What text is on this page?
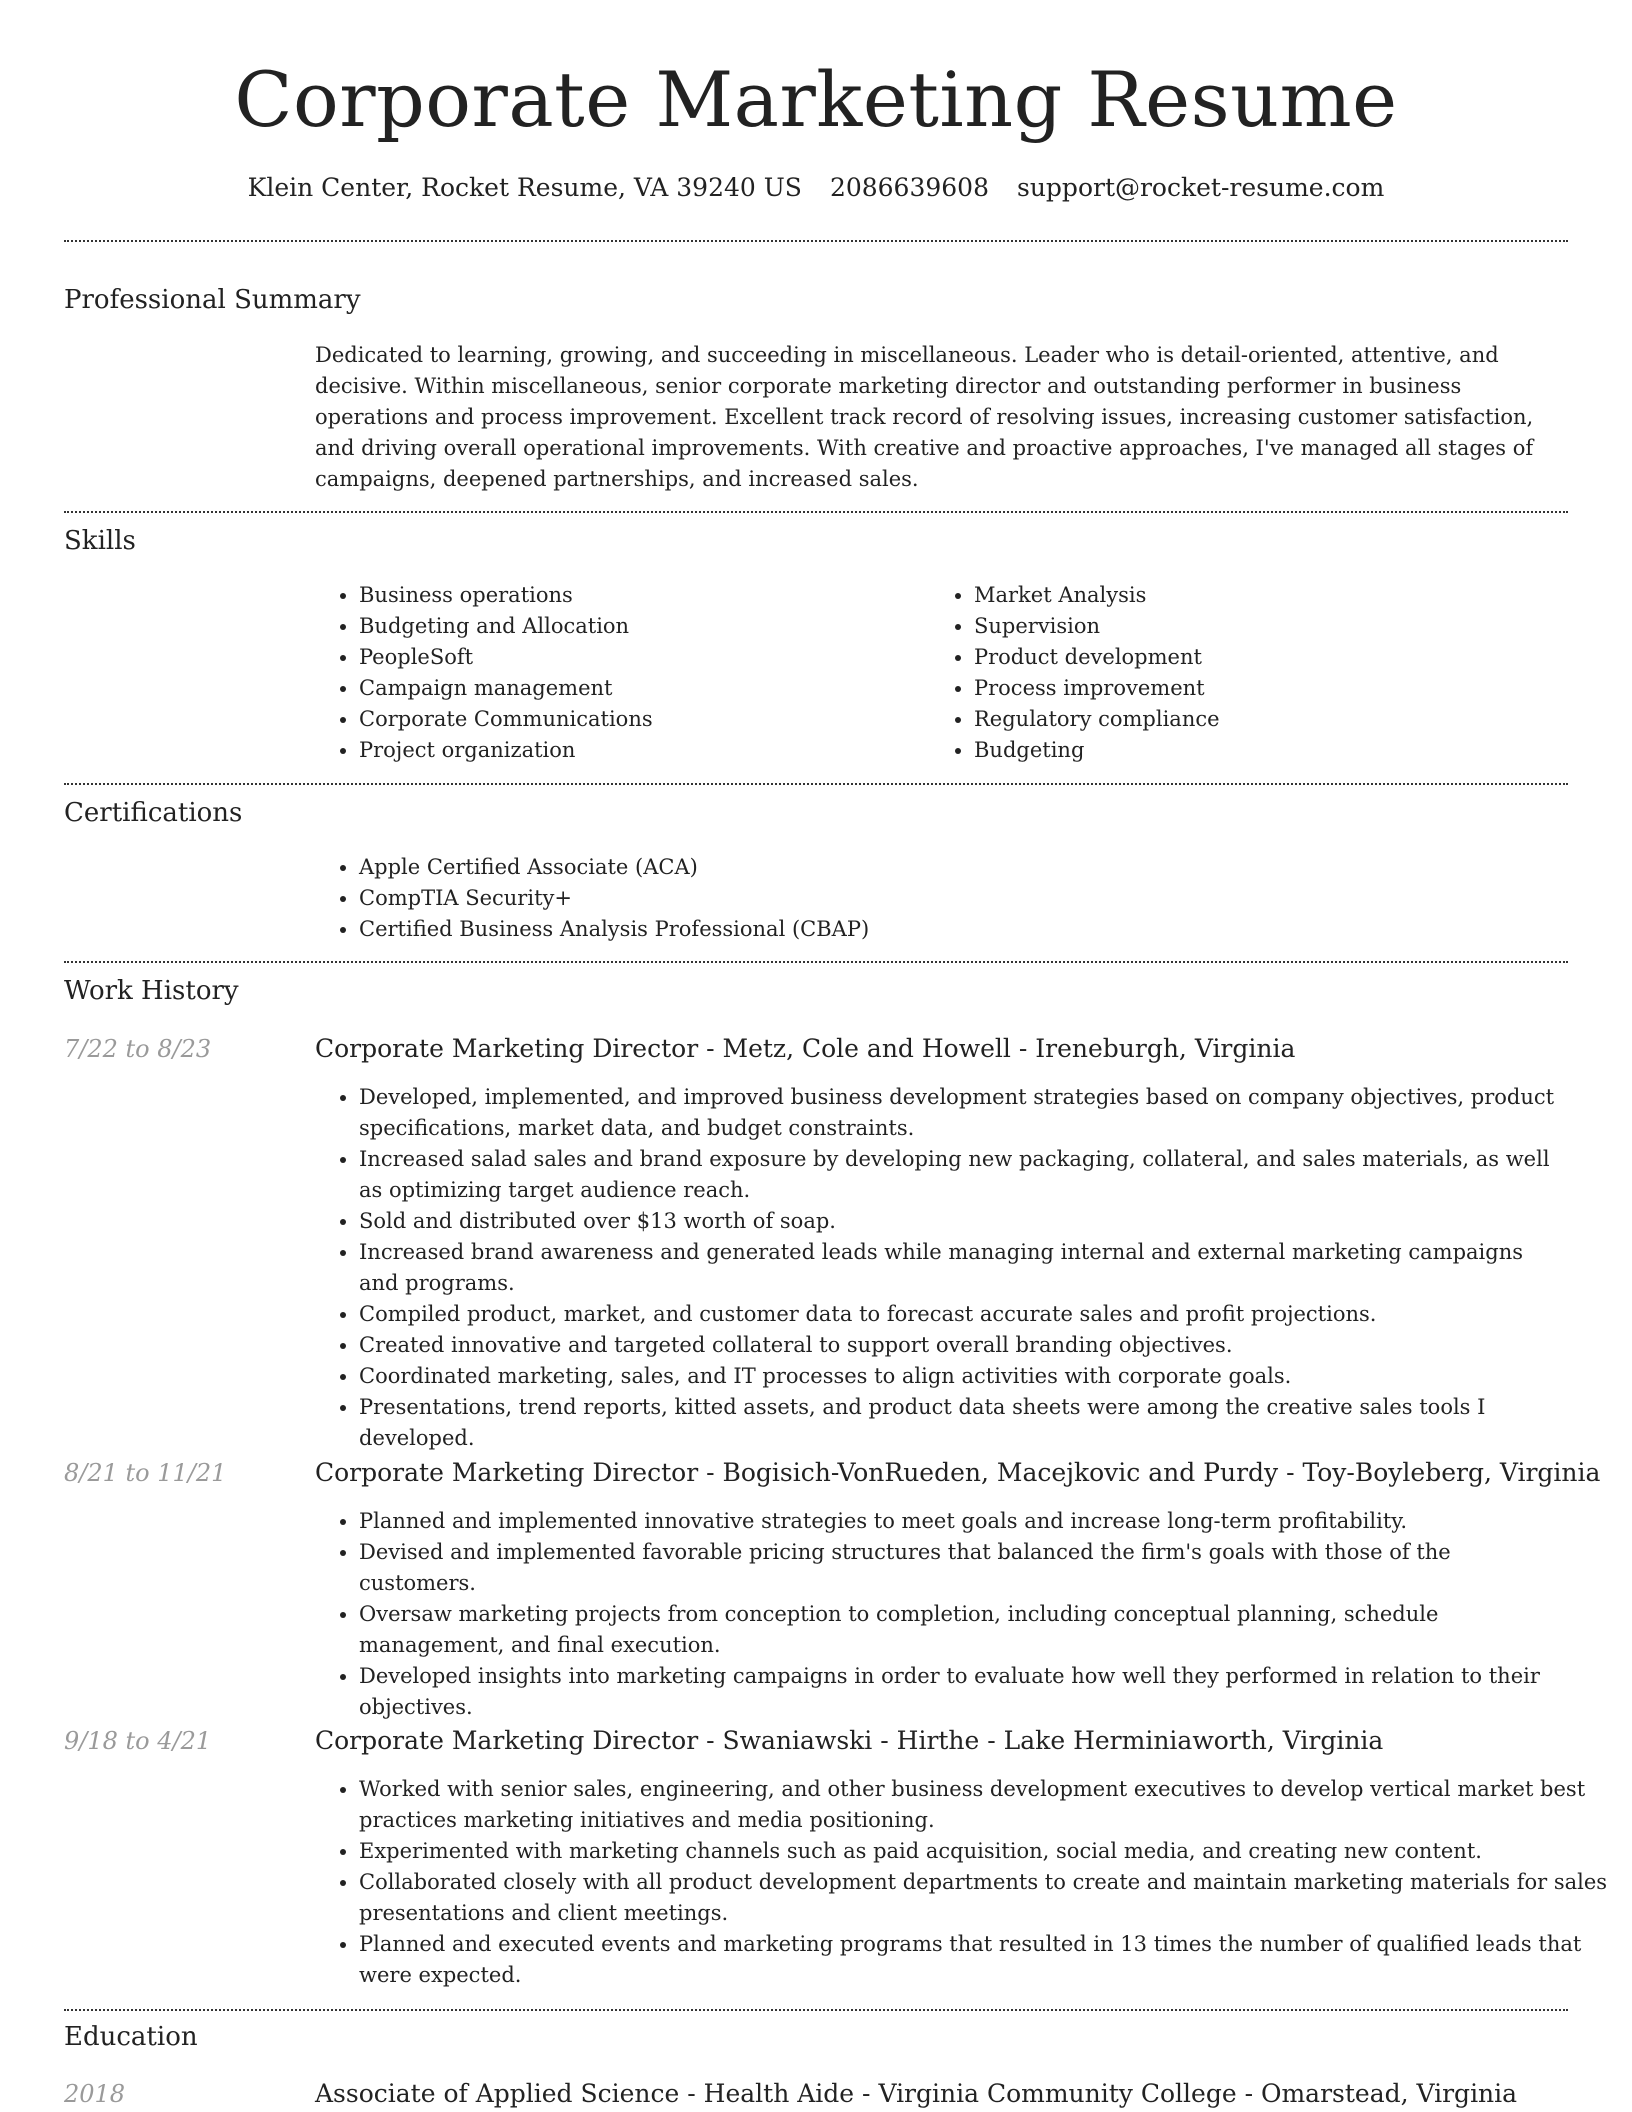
Corporate Marketing Resume
Klein Center, Rocket Resume, VA 39240 US 2086639608 support@rocket-resume.com
Professional Summary

Dedicated to learning, growing, and succeeding in miscellaneous. Leader who is detail-oriented, attentive, and decisive. Within miscellaneous, senior corporate marketing director and outstanding performer in business operations and process improvement. Excellent track record of resolving issues, increasing customer satisfaction, and driving overall operational improvements. With creative and proactive approaches, I've managed all stages of campaigns, deepened partnerships, and increased sales.

Skills
• Business operations
• Budgeting and Allocation
• PeopleSoft
• Campaign management
• Corporate Communications
• Project organization
• Market Analysis
• Supervision
• Product development
• Process improvement
• Regulatory compliance
• Budgeting
Certifications
• Apple Certified Associate (ACA)
• CompTIA Security+
• Certified Business Analysis Professional (CBAP)
Work History
7/22 to 8/23	Corporate Marketing Director - Metz, Cole and Howell - Ireneburgh, Virginia
• Developed, implemented, and improved business development strategies based on company objectives, product specifications, market data, and budget constraints.
• Increased salad sales and brand exposure by developing new packaging, collateral, and sales materials, as well as optimizing target audience reach.
• Sold and distributed over $13 worth of soap.
• Increased brand awareness and generated leads while managing internal and external marketing campaigns and programs.
• Compiled product, market, and customer data to forecast accurate sales and profit projections.
• Created innovative and targeted collateral to support overall branding objectives.
• Coordinated marketing, sales, and IT processes to align activities with corporate goals.
• Presentations, trend reports, kitted assets, and product data sheets were among the creative sales tools I developed.
8/21 to 11/21	Corporate Marketing Director - Bogisich-VonRueden, Macejkovic and Purdy - Toy-Boyleberg, Virginia
• Planned and implemented innovative strategies to meet goals and increase long-term profitability.
• Devised and implemented favorable pricing structures that balanced the firm's goals with those of the customers.
• Oversaw marketing projects from conception to completion, including conceptual planning, schedule management, and final execution.
• Developed insights into marketing campaigns in order to evaluate how well they performed in relation to their objectives.
9/18 to 4/21	Corporate Marketing Director - Swaniawski - Hirthe - Lake Herminiaworth, Virginia
• Worked with senior sales, engineering, and other business development executives to develop vertical market best practices marketing initiatives and media positioning.
• Experimented with marketing channels such as paid acquisition, social media, and creating new content.
• Collaborated closely with all product development departments to create and maintain marketing materials for sales presentations and client meetings.
• Planned and executed events and marketing programs that resulted in 13 times the number of qualified leads that were expected.
Education
2018	Associate of Applied Science - Health Aide - Virginia Community College - Omarstead, Virginia
